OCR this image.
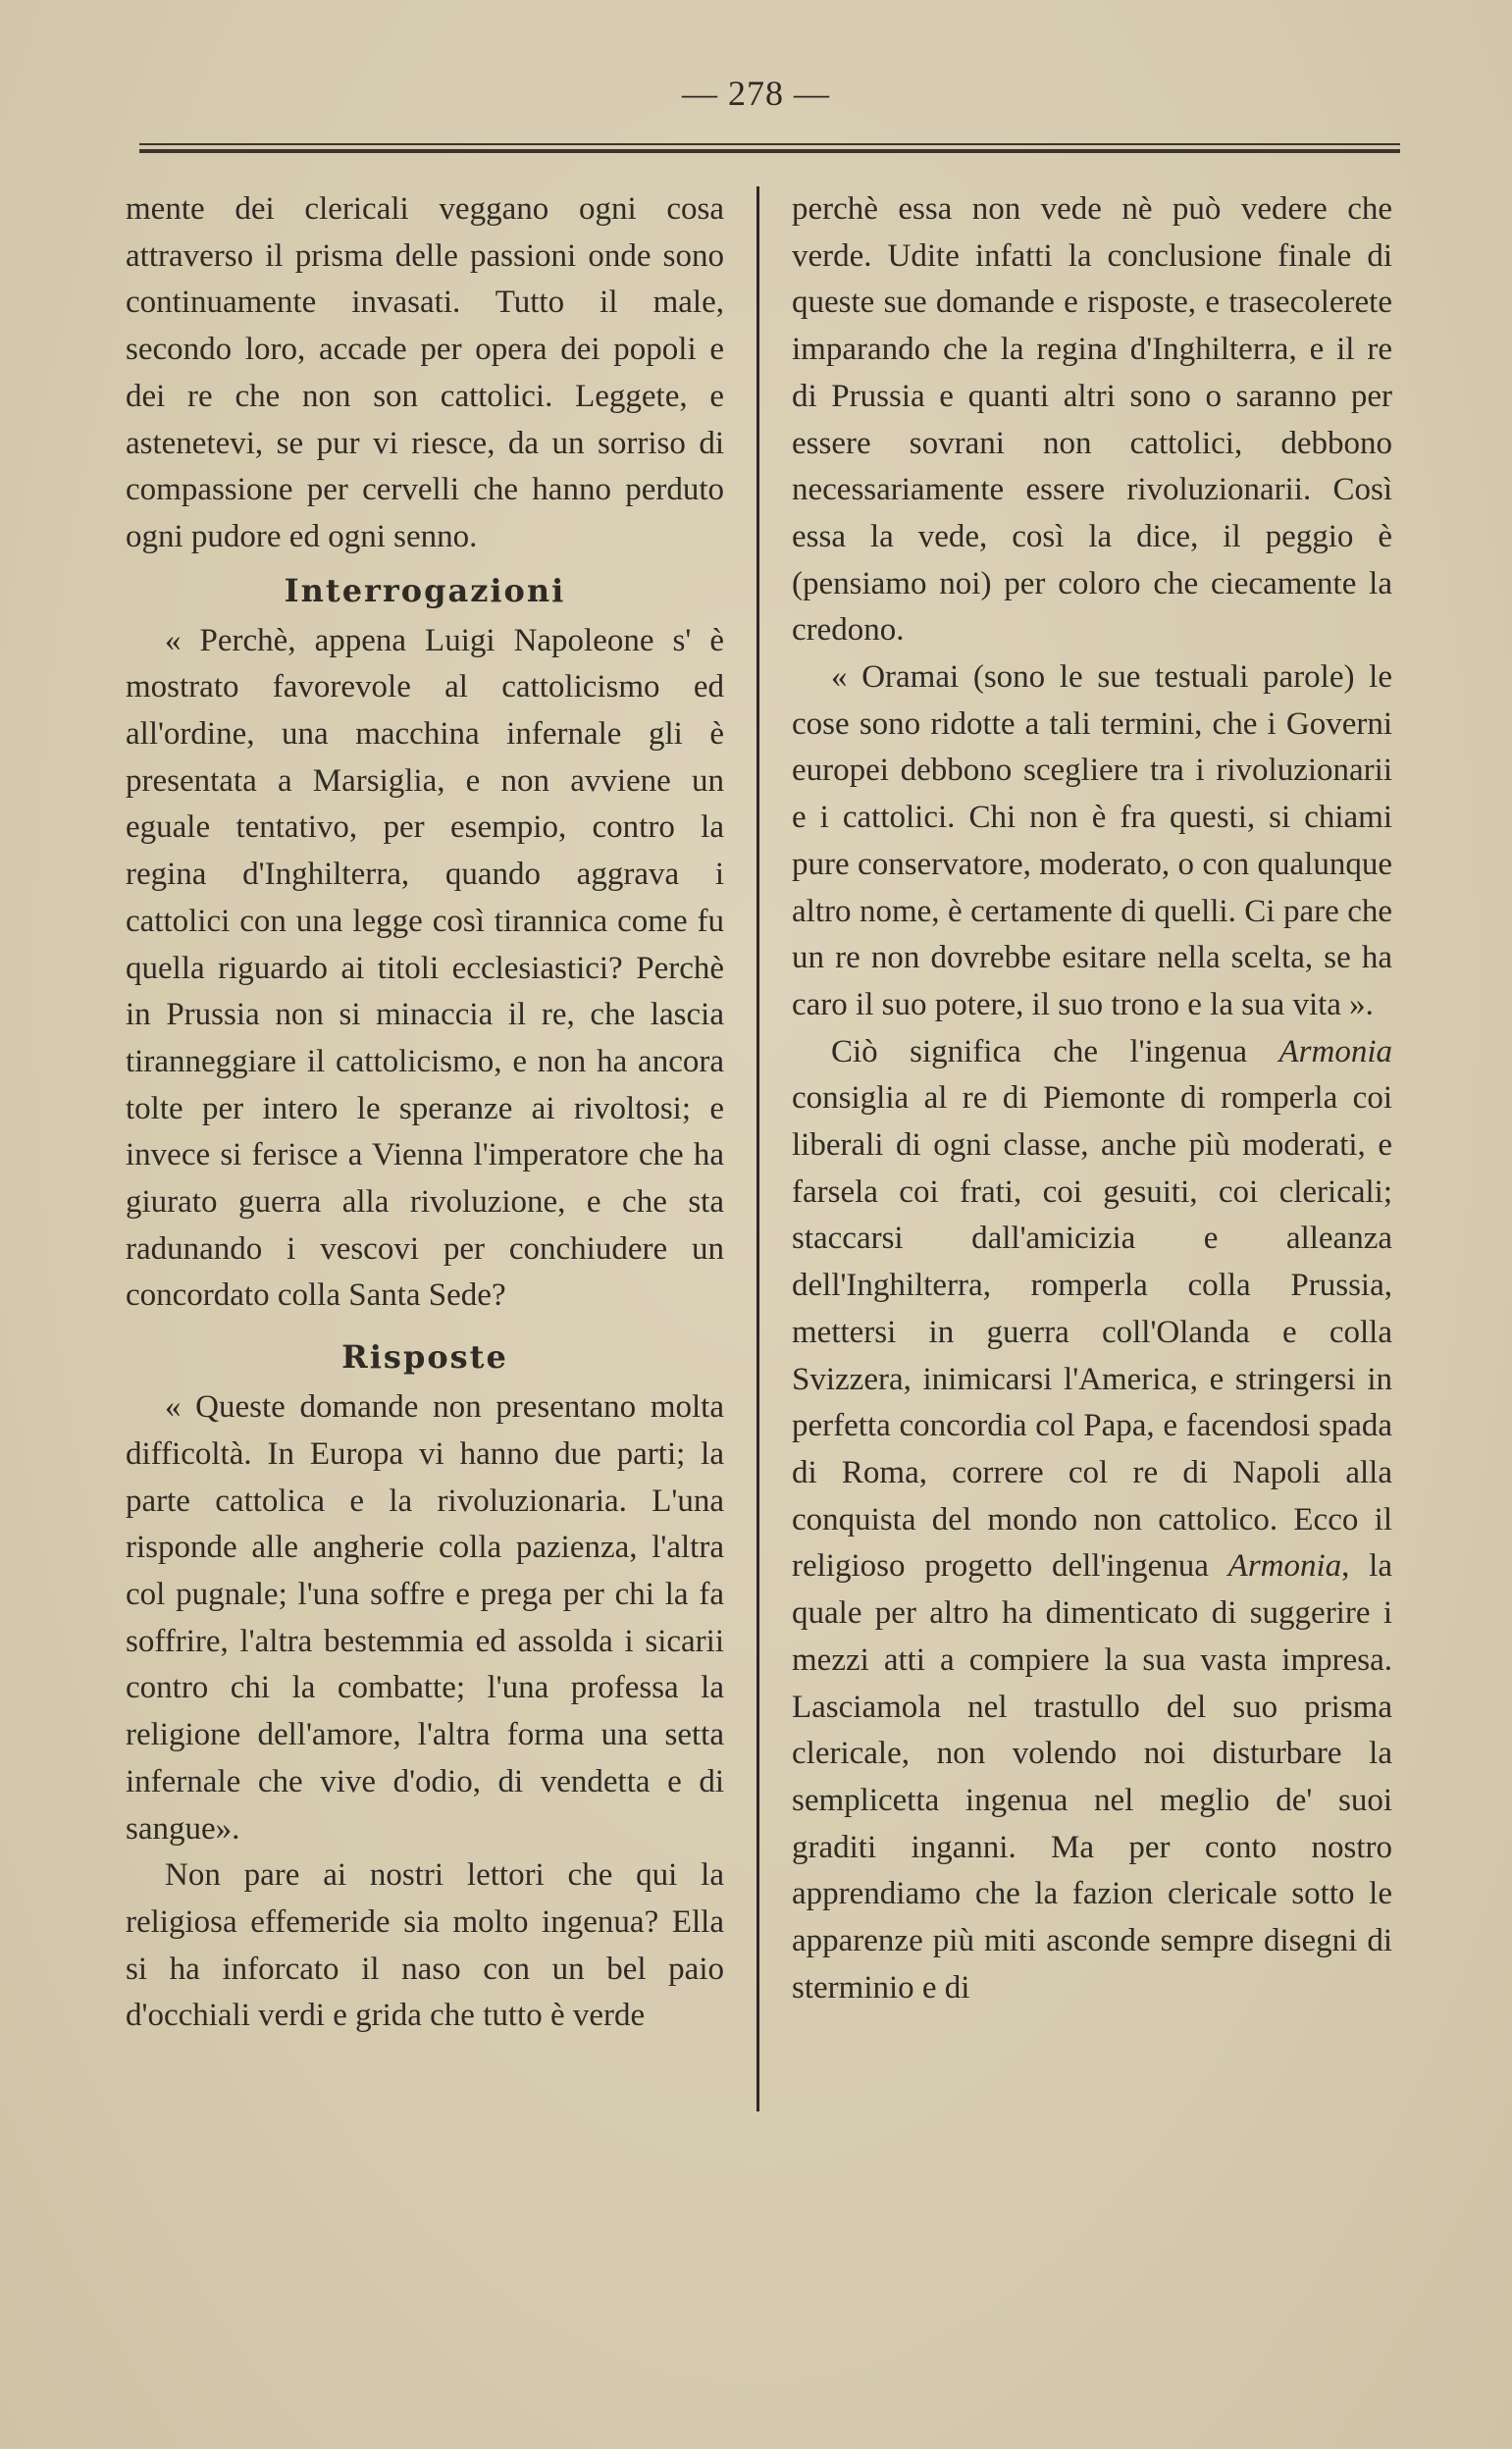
— 278 —

mente dei clericali veggano ogni cosa attraverso il prisma delle passioni onde sono continuamente invasati. Tutto il male, secondo loro, accade per opera dei popoli e dei re che non son cattolici. Leggete, e astenetevi, se pur vi riesce, da un sorriso di compassione per cervelli che hanno perduto ogni pudore ed ogni senno.

Interrogazioni

« Perchè, appena Luigi Napoleone s' è mostrato favorevole al cattolicismo ed all'ordine, una macchina infernale gli è presentata a Marsiglia, e non avviene un eguale tentativo, per esempio, contro la regina d'Inghilterra, quando aggrava i cattolici con una legge così tirannica come fu quella riguardo ai titoli ecclesiastici? Perchè in Prussia non si minaccia il re, che lascia tiranneggiare il cattolicismo, e non ha ancora tolte per intero le speranze ai rivoltosi; e invece si ferisce a Vienna l'imperatore che ha giurato guerra alla rivoluzione, e che sta radunando i vescovi per conchiudere un concordato colla Santa Sede?

Risposte

« Queste domande non presentano molta difficoltà. In Europa vi hanno due parti; la parte cattolica e la rivoluzionaria. L'una risponde alle angherie colla pazienza, l'altra col pugnale; l'una soffre e prega per chi la fa soffrire, l'altra bestemmia ed assolda i sicarii contro chi la combatte; l'una professa la religione dell'amore, l'altra forma una setta infernale che vive d'odio, di vendetta e di sangue».

Non pare ai nostri lettori che qui la religiosa effemeride sia molto ingenua? Ella si ha inforcato il naso con un bel paio d'occhiali verdi e grida che tutto è verde

perchè essa non vede nè può vedere che verde. Udite infatti la conclusione finale di queste sue domande e risposte, e trasecolerete imparando che la regina d'Inghilterra, e il re di Prussia e quanti altri sono o saranno per essere sovrani non cattolici, debbono necessariamente essere rivoluzionarii. Così essa la vede, così la dice, il peggio è (pensiamo noi) per coloro che ciecamente la credono.

« Oramai (sono le sue testuali parole) le cose sono ridotte a tali termini, che i Governi europei debbono scegliere tra i rivoluzionarii e i cattolici. Chi non è fra questi, si chiami pure conservatore, moderato, o con qualunque altro nome, è certamente di quelli. Ci pare che un re non dovrebbe esitare nella scelta, se ha caro il suo potere, il suo trono e la sua vita ».

Ciò significa che l'ingenua Armonia consiglia al re di Piemonte di romperla coi liberali di ogni classe, anche più moderati, e farsela coi frati, coi gesuiti, coi clericali; staccarsi dall'amicizia e alleanza dell'Inghilterra, romperla colla Prussia, mettersi in guerra coll'Olanda e colla Svizzera, inimicarsi l'America, e stringersi in perfetta concordia col Papa, e facendosi spada di Roma, correre col re di Napoli alla conquista del mondo non cattolico. Ecco il religioso progetto dell'ingenua Armonia, la quale per altro ha dimenticato di suggerire i mezzi atti a compiere la sua vasta impresa. Lasciamola nel trastullo del suo prisma clericale, non volendo noi disturbare la semplicetta ingenua nel meglio de' suoi graditi inganni. Ma per conto nostro apprendiamo che la fazion clericale sotto le apparenze più miti asconde sempre disegni di sterminio e di
